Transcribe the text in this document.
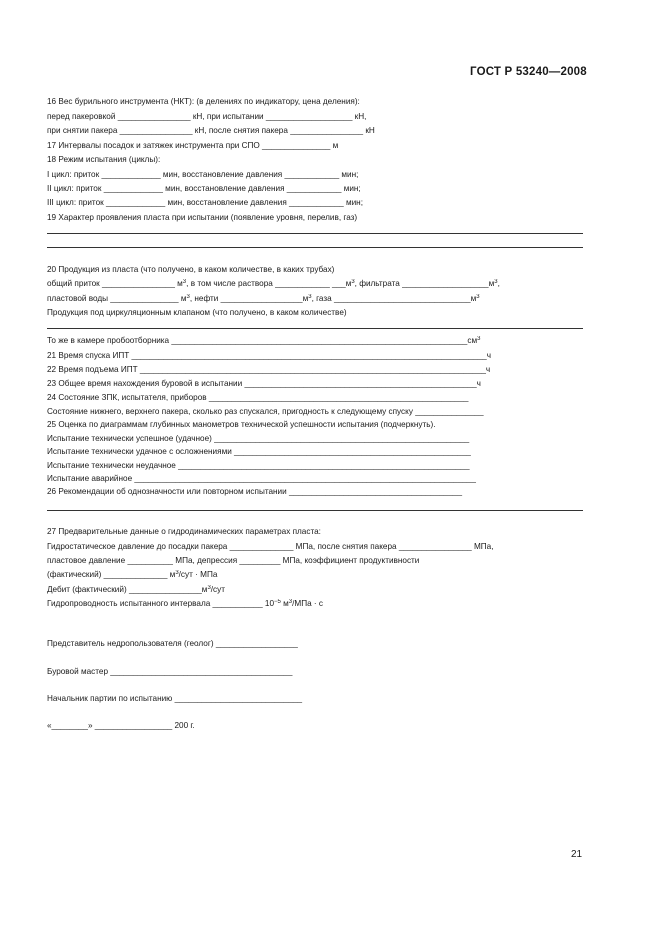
ГОСТ Р 53240—2008
16 Вес бурильного инструмента (НКТ): (в делениях по индикатору, цена деления):
перед пакеровкой ________________ кН, при испытании ___________________ кН,
при снятии пакера ________________ кН, после снятия пакера ________________ кН
17 Интервалы посадок и затяжек инструмента при СПО _______________ м
18 Режим испытания (циклы):
I цикл: приток _____________ мин, восстановление давления ____________ мин;
II цикл: приток _____________ мин, восстановление давления ____________ мин;
III цикл: приток _____________ мин, восстановление давления ____________ мин;
19 Характер проявления пласта при испытании (появление уровня, перелив, газ)
20 Продукция из пласта (что получено, в каком количестве, в каких трубах)
общий приток ________________ $м^3$, в том числе раствора ____________ $\_\_\_м^3$, фильтрата $\_\_\_\_\_\_\_\_\_\_\_\_\_\_\_\_\_\_\_м^3$,
пластовой воды _______________ $м^3$, нефти $\_\_\_\_\_\_\_\_\_\_\_\_\_\_\_\_\_\_м^3$, газа $\_\_\_\_\_\_\_\_\_\_\_\_\_\_\_\_\_\_\_\_\_\_\_\_\_\_\_\_\_\_м^3$
Продукция под циркуляционным клапаном (что получено, в каком количестве)
То же в камере пробоотборника $\_\_\_\_\_\_\_\_\_\_\_\_\_\_\_\_\_\_\_\_\_\_\_\_\_\_\_\_\_\_\_\_\_\_\_\_\_\_\_\_\_\_\_\_\_\_\_\_\_\_\_\_\_\_\_\_\_\_\_\_\_\_\_\_\_см^3$
21 Время спуска ИПТ ______________________________________________________________________________ч
22 Время подъема ИПТ ____________________________________________________________________________ч
23 Общее время нахождения буровой в испытании ___________________________________________________ч
24 Состояние ЗПК, испытателя, приборов _________________________________________________________
Состояние нижнего, верхнего пакера, сколько раз спускался, пригодность к следующему спуску _______________
25 Оценка по диаграммам глубинных манометров технической успешности испытания (подчеркнуть).
Испытание технически успешное (удачное) ________________________________________________________
Испытание технически удачное с осложнениями ____________________________________________________
Испытание технически неудачное ________________________________________________________________
Испытание аварийное ___________________________________________________________________________
26 Рекомендации об однозначности или повторном испытании ______________________________________
27 Предварительные данные о гидродинамических параметрах пласта:
Гидростатическое давление до посадки пакера ______________ МПа, после снятия пакера ________________ МПа,
пластовое давление __________ МПа, депрессия _________ МПа, коэффициент продуктивности
(фактический) ______________ $м^3$/сут · МПа
Дебит (фактический) $\_\_\_\_\_\_\_\_\_\_\_\_\_\_\_\_м^3$/сут
Гидропроводность испытанного интервала ___________ $10^{-5}$ $м^3$/МПа · с
Представитель недропользователя (геолог) __________________
Буровой мастер ________________________________________
Начальник партии по испытанию ____________________________
«________» _________________ 200 г.
21
